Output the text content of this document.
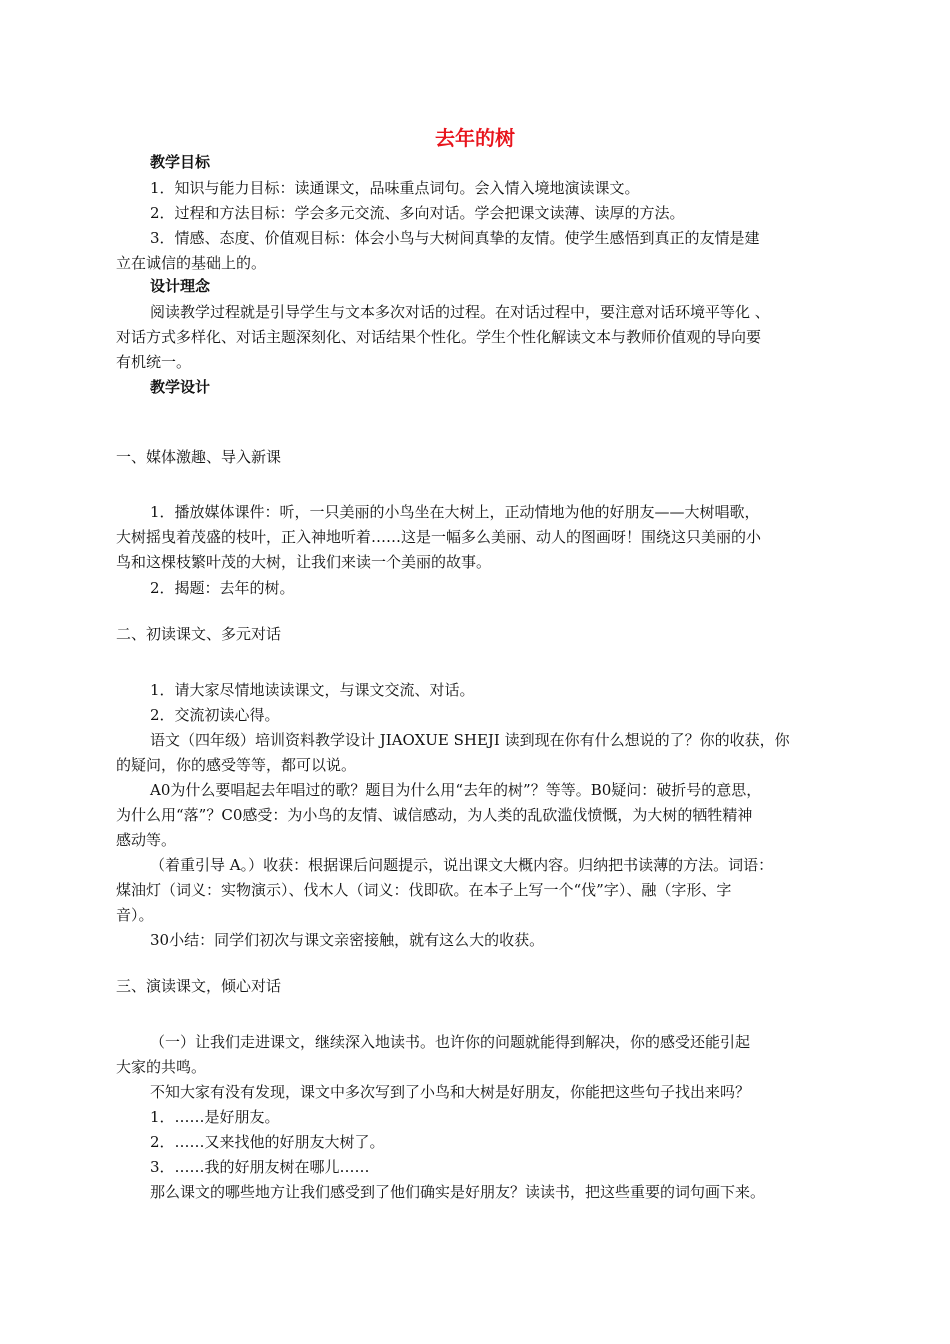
去年的树
教学目标
1．知识与能力目标：读通课文，品味重点词句。会入情入境地演读课文。
2．过程和方法目标：学会多元交流、多向对话。学会把课文读薄、读厚的方法。
3．情感、态度、价值观目标：体会小鸟与大树间真挚的友情。使学生感悟到真正的友情是建
立在诚信的基础上的。
设计理念
阅读教学过程就是引导学生与文本多次对话的过程。在对话过程中，要注意对话环境平等化 、
对话方式多样化、对话主题深刻化、对话结果个性化。学生个性化解读文本与教师价值观的导向要
有机统一。
教学设计
一、媒体激趣、导入新课
1．播放媒体课件：听，一只美丽的小鸟坐在大树上，正动情地为他的好朋友——大树唱歌，
大树摇曳着茂盛的枝叶，正入神地听着……这是一幅多么美丽、动人的图画呀！围绕这只美丽的小
鸟和这棵枝繁叶茂的大树，让我们来读一个美丽的故事。
2．揭题：去年的树。
二、初读课文、多元对话
1．请大家尽情地读读课文，与课文交流、对话。
2．交流初读心得。
语文（四年级）培训资料教学设计 JIAOXUE SHEJI 读到现在你有什么想说的了？你的收获，你
的疑问，你的感受等等，都可以说。
A0为什么要唱起去年唱过的歌？题目为什么用“去年的树”？等等。B0疑问：破折号的意思，
为什么用“落”？C0感受：为小鸟的友情、诚信感动，为人类的乱砍滥伐愤慨，为大树的牺牲精神
感动等。
（着重引导 A。）收获：根据课后问题提示，说出课文大概内容。归纳把书读薄的方法。词语：
煤油灯（词义：实物演示）、伐木人（词义：伐即砍。在本子上写一个“伐”字）、融（字形、字
音）。
30小结：同学们初次与课文亲密接触，就有这么大的收获。
三、演读课文，倾心对话
（一）让我们走进课文，继续深入地读书。也许你的问题就能得到解决，你的感受还能引起
大家的共鸣。
不知大家有没有发现，课文中多次写到了小鸟和大树是好朋友，你能把这些句子找出来吗？
1．……是好朋友。
2．……又来找他的好朋友大树了。
3．……我的好朋友树在哪儿……
那么课文的哪些地方让我们感受到了他们确实是好朋友？读读书，把这些重要的词句画下来。
